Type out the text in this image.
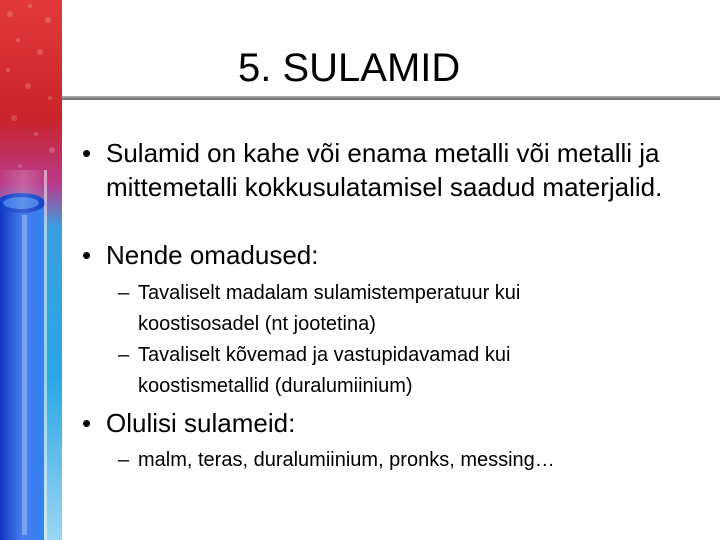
5. SULAMID
• Sulamid on kahe või enama metalli või metalli ja mittemetalli kokkusulatamisel saadud materjalid.
• Nende omadused:
– Tavaliselt madalam sulamistemperatuur kui koostisosadel (nt jootetina)
– Tavaliselt kõvemad ja vastupidavamad kui koostismetallid (duralumiinium)
• Olulisi sulameid:
– malm, teras, duralumiinium, pronks, messing…
